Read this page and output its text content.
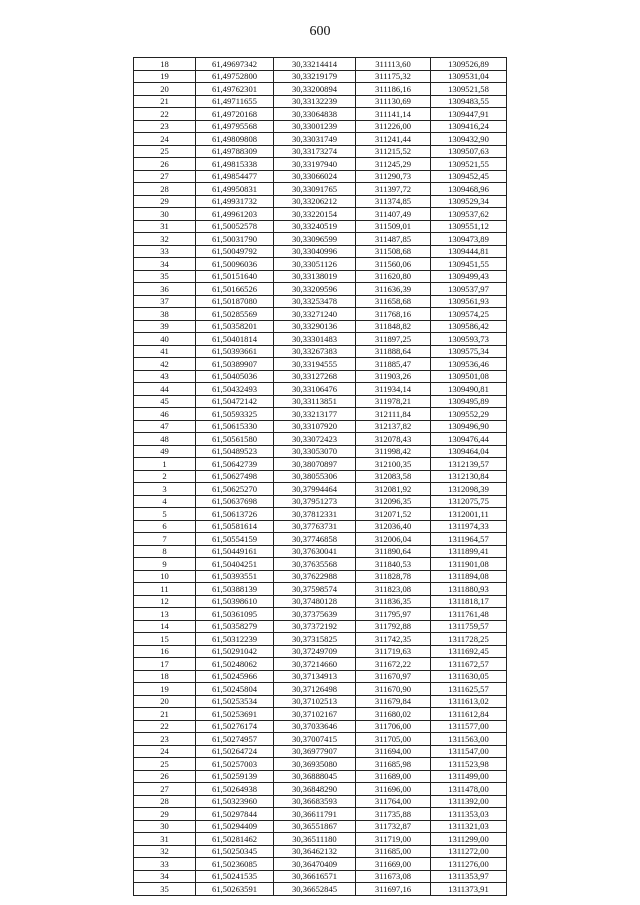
600
18	61,49697342	30,33214414	311113,60	1309526,89
19	61,49752800	30,33219179	311175,32	1309531,04
20	61,49762301	30,33200894	311186,16	1309521,58
21	61,49711655	30,33132239	311130,69	1309483,55
22	61,49720168	30,33064838	311141,14	1309447,91
23	61,49795568	30,33001239	311226,00	1309416,24
24	61,49809808	30,33031749	311241,44	1309432,90
25	61,49788309	30,33173274	311215,52	1309507,63
26	61,49815338	30,33197940	311245,29	1309521,55
27	61,49854477	30,33066024	311290,73	1309452,45
28	61,49950831	30,33091765	311397,72	1309468,96
29	61,49931732	30,33206212	311374,85	1309529,34
30	61,49961203	30,33220154	311407,49	1309537,62
31	61,50052578	30,33240519	311509,01	1309551,12
32	61,50031790	30,33096599	311487,85	1309473,89
33	61,50049792	30,33040996	311508,68	1309444,81
34	61,50096036	30,33051126	311560,06	1309451,55
35	61,50151640	30,33138019	311620,80	1309499,43
36	61,50166526	30,33209596	311636,39	1309537,97
37	61,50187080	30,33253478	311658,68	1309561,93
38	61,50285569	30,33271240	311768,16	1309574,25
39	61,50358201	30,33290136	311848,82	1309586,42
40	61,50401814	30,33301483	311897,25	1309593,73
41	61,50393661	30,33267383	311888,64	1309575,34
42	61,50389907	30,33194555	311885,47	1309536,46
43	61,50405036	30,33127268	311903,26	1309501,08
44	61,50432493	30,33106476	311934,14	1309490,81
45	61,50472142	30,33113851	311978,21	1309495,89
46	61,50593325	30,33213177	312111,84	1309552,29
47	61,50615330	30,33107920	312137,82	1309496,90
48	61,50561580	30,33072423	312078,43	1309476,44
49	61,50489523	30,33053070	311998,42	1309464,04
1	61,50642739	30,38070897	312100,35	1312139,57
2	61,50627498	30,38055306	312083,58	1312130,84
3	61,50625270	30,37994464	312081,92	1312098,39
4	61,50637698	30,37951273	312096,35	1312075,75
5	61,50613726	30,37812331	312071,52	1312001,11
6	61,50581614	30,37763731	312036,40	1311974,33
7	61,50554159	30,37746858	312006,04	1311964,57
8	61,50449161	30,37630041	311890,64	1311899,41
9	61,50404251	30,37635568	311840,53	1311901,08
10	61,50393551	30,37622988	311828,78	1311894,08
11	61,50388139	30,37598574	311823,08	1311880,93
12	61,50398610	30,37480128	311836,35	1311818,17
13	61,50361095	30,37375639	311795,97	1311761,48
14	61,50358279	30,37372192	311792,88	1311759,57
15	61,50312239	30,37315825	311742,35	1311728,25
16	61,50291042	30,37249709	311719,63	1311692,45
17	61,50248062	30,37214660	311672,22	1311672,57
18	61,50245966	30,37134913	311670,97	1311630,05
19	61,50245804	30,37126498	311670,90	1311625,57
20	61,50253534	30,37102513	311679,84	1311613,02
21	61,50253691	30,37102167	311680,02	1311612,84
22	61,50276174	30,37033646	311706,00	1311577,00
23	61,50274957	30,37007415	311705,00	1311563,00
24	61,50264724	30,36977907	311694,00	1311547,00
25	61,50257003	30,36935080	311685,98	1311523,98
26	61,50259139	30,36888045	311689,00	1311499,00
27	61,50264938	30,36848290	311696,00	1311478,00
28	61,50323960	30,36683593	311764,00	1311392,00
29	61,50297844	30,36611791	311735,88	1311353,03
30	61,50294409	30,36551867	311732,87	1311321,03
31	61,50281462	30,36511180	311719,00	1311299,00
32	61,50250345	30,36462132	311685,00	1311272,00
33	61,50236085	30,36470409	311669,00	1311276,00
34	61,50241535	30,36616571	311673,08	1311353,97
35	61,50263591	30,36652845	311697,16	1311373,91
